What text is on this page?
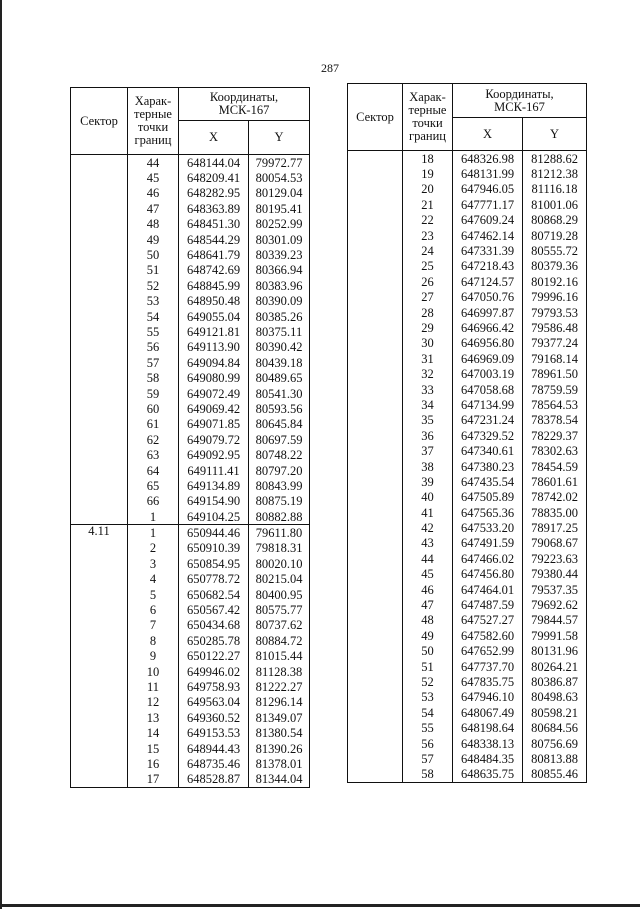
287
Сектор	Харак-
терные
точки
границ	Координаты,
МСК-167	
		X	Y
	44	648144.04	79972.77
	45	648209.41	80054.53
	46	648282.95	80129.04
	47	648363.89	80195.41
	48	648451.30	80252.99
	49	648544.29	80301.09
	50	648641.79	80339.23
	51	648742.69	80366.94
	52	648845.99	80383.96
	53	648950.48	80390.09
	54	649055.04	80385.26
	55	649121.81	80375.11
	56	649113.90	80390.42
	57	649094.84	80439.18
	58	649080.99	80489.65
	59	649072.49	80541.30
	60	649069.42	80593.56
	61	649071.85	80645.84
	62	649079.72	80697.59
	63	649092.95	80748.22
	64	649111.41	80797.20
	65	649134.89	80843.99
	66	649154.90	80875.19
	1	649104.25	80882.88
4.11	1	650944.46	79611.80
	2	650910.39	79818.31
	3	650854.95	80020.10
	4	650778.72	80215.04
	5	650682.54	80400.95
	6	650567.42	80575.77
	7	650434.68	80737.62
	8	650285.78	80884.72
	9	650122.27	81015.44
	10	649946.02	81128.38
	11	649758.93	81222.27
	12	649563.04	81296.14
	13	649360.52	81349.07
	14	649153.53	81380.54
	15	648944.43	81390.26
	16	648735.46	81378.01
	17	648528.87	81344.04
Сектор	Харак-
терные
точки
границ	Координаты,
МСК-167	
		X	Y
	18	648326.98	81288.62
	19	648131.99	81212.38
	20	647946.05	81116.18
	21	647771.17	81001.06
	22	647609.24	80868.29
	23	647462.14	80719.28
	24	647331.39	80555.72
	25	647218.43	80379.36
	26	647124.57	80192.16
	27	647050.76	79996.16
	28	646997.87	79793.53
	29	646966.42	79586.48
	30	646956.80	79377.24
	31	646969.09	79168.14
	32	647003.19	78961.50
	33	647058.68	78759.59
	34	647134.99	78564.53
	35	647231.24	78378.54
	36	647329.52	78229.37
	37	647340.61	78302.63
	38	647380.23	78454.59
	39	647435.54	78601.61
	40	647505.89	78742.02
	41	647565.36	78835.00
	42	647533.20	78917.25
	43	647491.59	79068.67
	44	647466.02	79223.63
	45	647456.80	79380.44
	46	647464.01	79537.35
	47	647487.59	79692.62
	48	647527.27	79844.57
	49	647582.60	79991.58
	50	647652.99	80131.96
	51	647737.70	80264.21
	52	647835.75	80386.87
	53	647946.10	80498.63
	54	648067.49	80598.21
	55	648198.64	80684.56
	56	648338.13	80756.69
	57	648484.35	80813.88
	58	648635.75	80855.46
